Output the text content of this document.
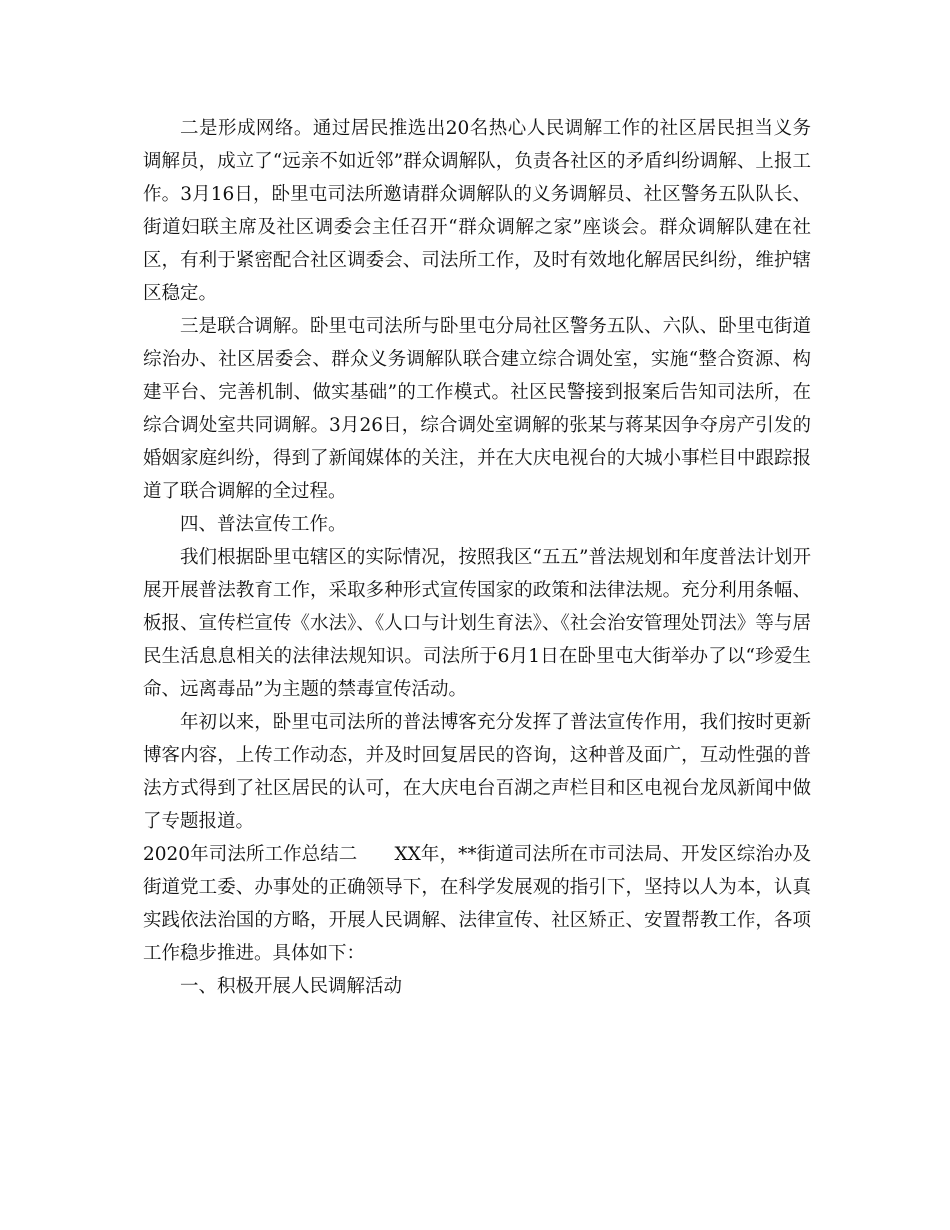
二是形成网络。通过居民推选出20名热心人民调解工作的社区居民担当义务调解员，成立了“远亲不如近邻”群众调解队，负责各社区的矛盾纠纷调解、上报工作。3月16日，卧里屯司法所邀请群众调解队的义务调解员、社区警务五队队长、街道妇联主席及社区调委会主任召开“群众调解之家”座谈会。群众调解队建在社区，有利于紧密配合社区调委会、司法所工作，及时有效地化解居民纠纷，维护辖区稳定。

三是联合调解。卧里屯司法所与卧里屯分局社区警务五队、六队、卧里屯街道综治办、社区居委会、群众义务调解队联合建立综合调处室，实施“整合资源、构建平台、完善机制、做实基础”的工作模式。社区民警接到报案后告知司法所，在综合调处室共同调解。3月26日，综合调处室调解的张某与蒋某因争夺房产引发的婚姻家庭纠纷，得到了新闻媒体的关注，并在大庆电视台的大城小事栏目中跟踪报道了联合调解的全过程。

四、普法宣传工作。

我们根据卧里屯辖区的实际情况，按照我区“五五”普法规划和年度普法计划开展开展普法教育工作，采取多种形式宣传国家的政策和法律法规。充分利用条幅、板报、宣传栏宣传《水法》、《人口与计划生育法》、《社会治安管理处罚法》等与居民生活息息相关的法律法规知识。司法所于6月1日在卧里屯大街举办了以“珍爱生命、远离毒品”为主题的禁毒宣传活动。

年初以来，卧里屯司法所的普法博客充分发挥了普法宣传作用，我们按时更新博客内容，上传工作动态，并及时回复居民的咨询，这种普及面广，互动性强的普法方式得到了社区居民的认可，在大庆电台百湖之声栏目和区电视台龙凤新闻中做了专题报道。

2020年司法所工作总结二　　XX年，**街道司法所在市司法局、开发区综治办及街道党工委、办事处的正确领导下，在科学发展观的指引下，坚持以人为本，认真实践依法治国的方略，开展人民调解、法律宣传、社区矫正、安置帮教工作，各项工作稳步推进。具体如下：

一、积极开展人民调解活动
